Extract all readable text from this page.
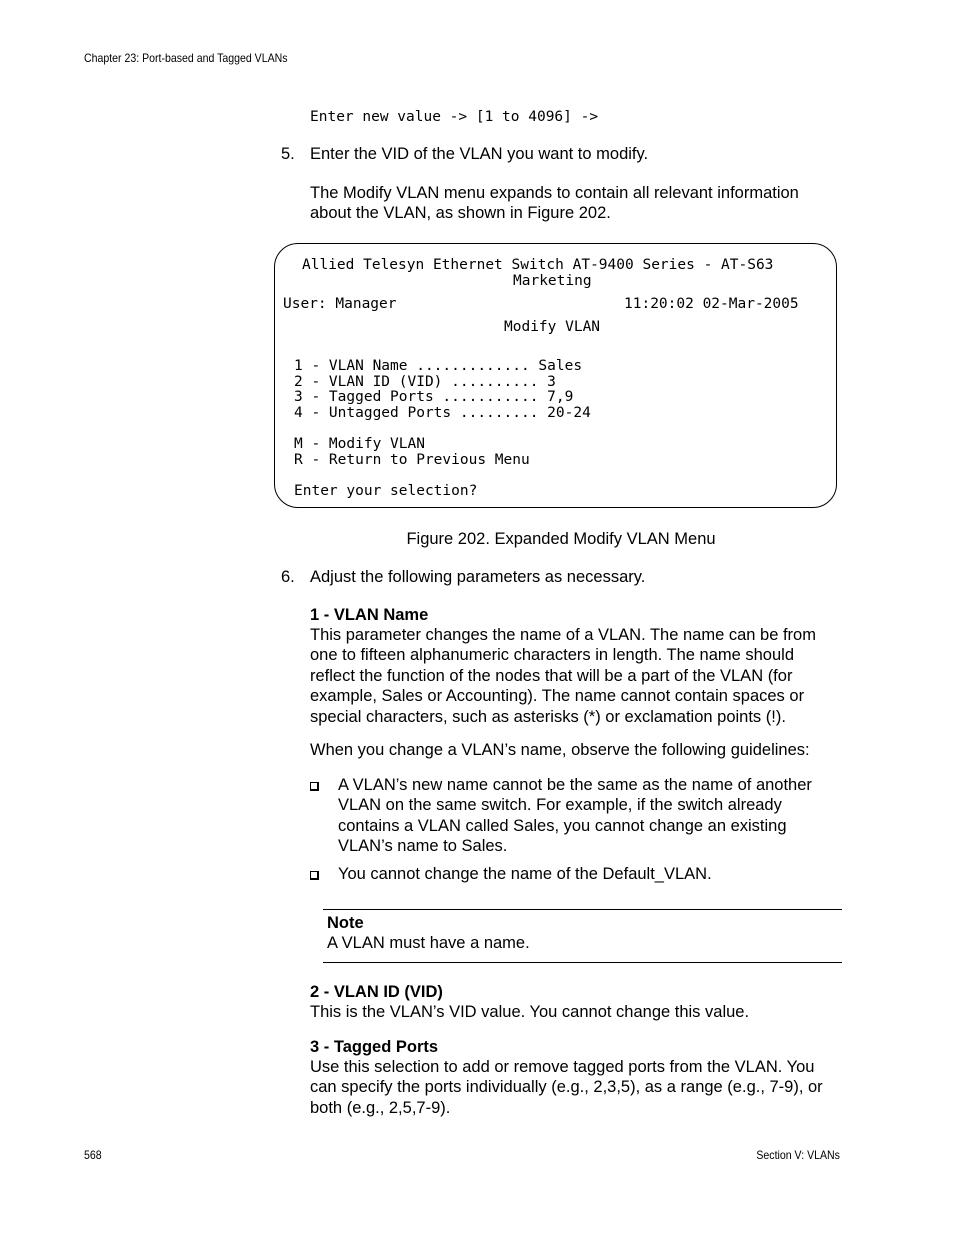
Chapter 23: Port-based and Tagged VLANs
Enter new value -> [1 to 4096] ->
5. Enter the VID of the VLAN you want to modify.
The Modify VLAN menu expands to contain all relevant information
about the VLAN, as shown in Figure 202.
Allied Telesyn Ethernet Switch AT-9400 Series - AT-S63
Marketing
User: Manager	11:20:02 02-Mar-2005
Modify VLAN
1 - VLAN Name ............. Sales
2 - VLAN ID (VID) .......... 3
3 - Tagged Ports ........... 7,9
4 - Untagged Ports ......... 20-24
M - Modify VLAN
R - Return to Previous Menu
Enter your selection?
Figure 202. Expanded Modify VLAN Menu
6. Adjust the following parameters as necessary.
1 - VLAN Name
This parameter changes the name of a VLAN. The name can be from
one to fifteen alphanumeric characters in length. The name should
reflect the function of the nodes that will be a part of the VLAN (for
example, Sales or Accounting). The name cannot contain spaces or
special characters, such as asterisks (*) or exclamation points (!).
When you change a VLAN’s name, observe the following guidelines:
A VLAN’s new name cannot be the same as the name of another
VLAN on the same switch. For example, if the switch already
contains a VLAN called Sales, you cannot change an existing
VLAN’s name to Sales.
You cannot change the name of the Default_VLAN.
Note
A VLAN must have a name.
2 - VLAN ID (VID)
This is the VLAN’s VID value. You cannot change this value.
3 - Tagged Ports
Use this selection to add or remove tagged ports from the VLAN. You
can specify the ports individually (e.g., 2,3,5), as a range (e.g., 7-9), or
both (e.g., 2,5,7-9).
568	Section V: VLANs
